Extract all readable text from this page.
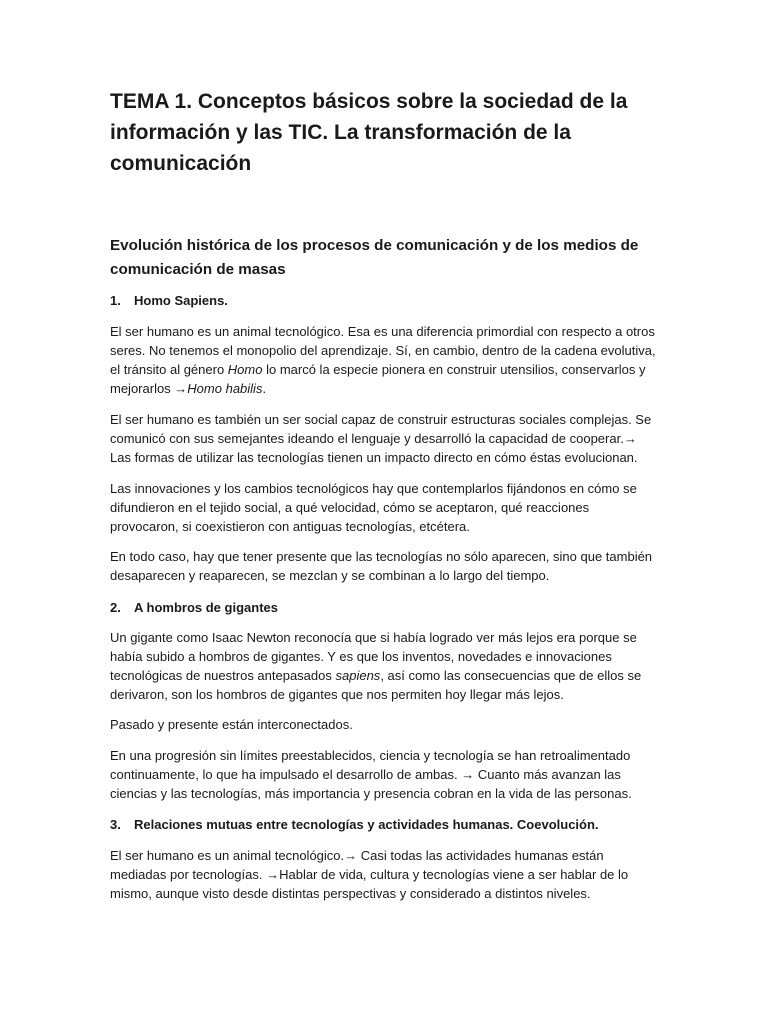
TEMA 1. Conceptos básicos sobre la sociedad de la información y las TIC. La transformación de la comunicación
Evolución histórica de los procesos de comunicación y de los medios de comunicación de masas

1. Homo Sapiens.

El ser humano es un animal tecnológico. Esa es una diferencia primordial con respecto a otros seres. No tenemos el monopolio del aprendizaje. Sí, en cambio, dentro de la cadena evolutiva, el tránsito al género Homo lo marcó la especie pionera en construir utensilios, conservarlos y mejorarlos →Homo habilis.

El ser humano es también un ser social capaz de construir estructuras sociales complejas. Se comunicó con sus semejantes ideando el lenguaje y desarrolló la capacidad de cooperar.→ Las formas de utilizar las tecnologías tienen un impacto directo en cómo éstas evolucionan.

Las innovaciones y los cambios tecnológicos hay que contemplarlos fijándonos en cómo se difundieron en el tejido social, a qué velocidad, cómo se aceptaron, qué reacciones provocaron, si coexistieron con antiguas tecnologías, etcétera.

En todo caso, hay que tener presente que las tecnologías no sólo aparecen, sino que también desaparecen y reaparecen, se mezclan y se combinan a lo largo del tiempo.

2. A hombros de gigantes

Un gigante como Isaac Newton reconocía que si había logrado ver más lejos era porque se había subido a hombros de gigantes. Y es que los inventos, novedades e innovaciones tecnológicas de nuestros antepasados sapiens, así como las consecuencias que de ellos se derivaron, son los hombros de gigantes que nos permiten hoy llegar más lejos.

Pasado y presente están interconectados.

En una progresión sin límites preestablecidos, ciencia y tecnología se han retroalimentado continuamente, lo que ha impulsado el desarrollo de ambas. → Cuanto más avanzan las ciencias y las tecnologías, más importancia y presencia cobran en la vida de las personas.

3. Relaciones mutuas entre tecnologías y actividades humanas. Coevolución.

El ser humano es un animal tecnológico.→ Casi todas las actividades humanas están mediadas por tecnologías. →Hablar de vida, cultura y tecnologías viene a ser hablar de lo mismo, aunque visto desde distintas perspectivas y considerado a distintos niveles.
